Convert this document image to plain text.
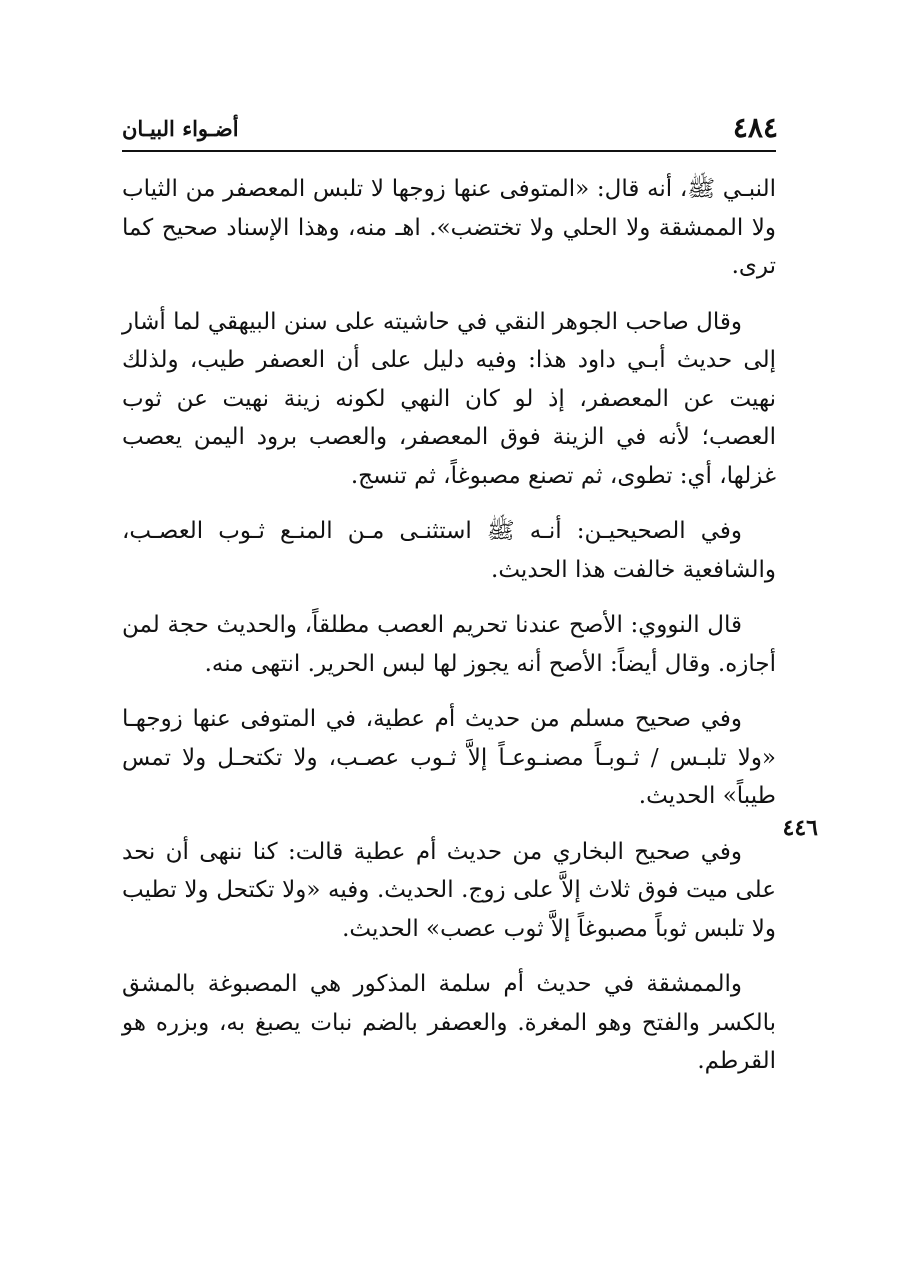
٤٨٤
أضـواء البيـان
٤٤٦

النبـي ﷺ، أنه قال: «المتوفى عنها زوجها لا تلبس المعصفر من الثياب ولا الممشقة ولا الحلي ولا تختضب». اهـ منه، وهذا الإسناد صحيح كما ترى.

وقال صاحب الجوهر النقي في حاشيته على سنن البيهقي لما أشار إلى حديث أبـي داود هذا: وفيه دليل على أن العصفر طيب، ولذلك نهيت عن المعصفر، إذ لو كان النهي لكونه زينة نهيت عن ثوب العصب؛ لأنه في الزينة فوق المعصفر، والعصب برود اليمن يعصب غزلها، أي: تطوى، ثم تصنع مصبوغاً، ثم تنسج.

وفي الصحيحيـن: أنـه ﷺ استثنـى مـن المنـع ثـوب العصـب، والشافعية خالفت هذا الحديث.

قال النووي: الأصح عندنا تحريم العصب مطلقاً، والحديث حجة لمن أجازه. وقال أيضاً: الأصح أنه يجوز لها لبس الحرير. انتهى منه.

وفي صحيح مسلم من حديث أم عطية، في المتوفى عنها زوجهـا «ولا تلبـس / ثـوبـاً مصنـوعـاً إلاَّ ثـوب عصـب، ولا تكتحـل ولا تمس طيباً» الحديث.

وفي صحيح البخاري من حديث أم عطية قالت: كنا ننهى أن نحد على ميت فوق ثلاث إلاَّ على زوج. الحديث. وفيه «ولا تكتحل ولا تطيب ولا تلبس ثوباً مصبوغاً إلاَّ ثوب عصب» الحديث.

والممشقة في حديث أم سلمة المذكور هي المصبوغة بالمشق بالكسر والفتح وهو المغرة. والعصفر بالضم نبات يصبغ به، وبزره هو القرطم.
